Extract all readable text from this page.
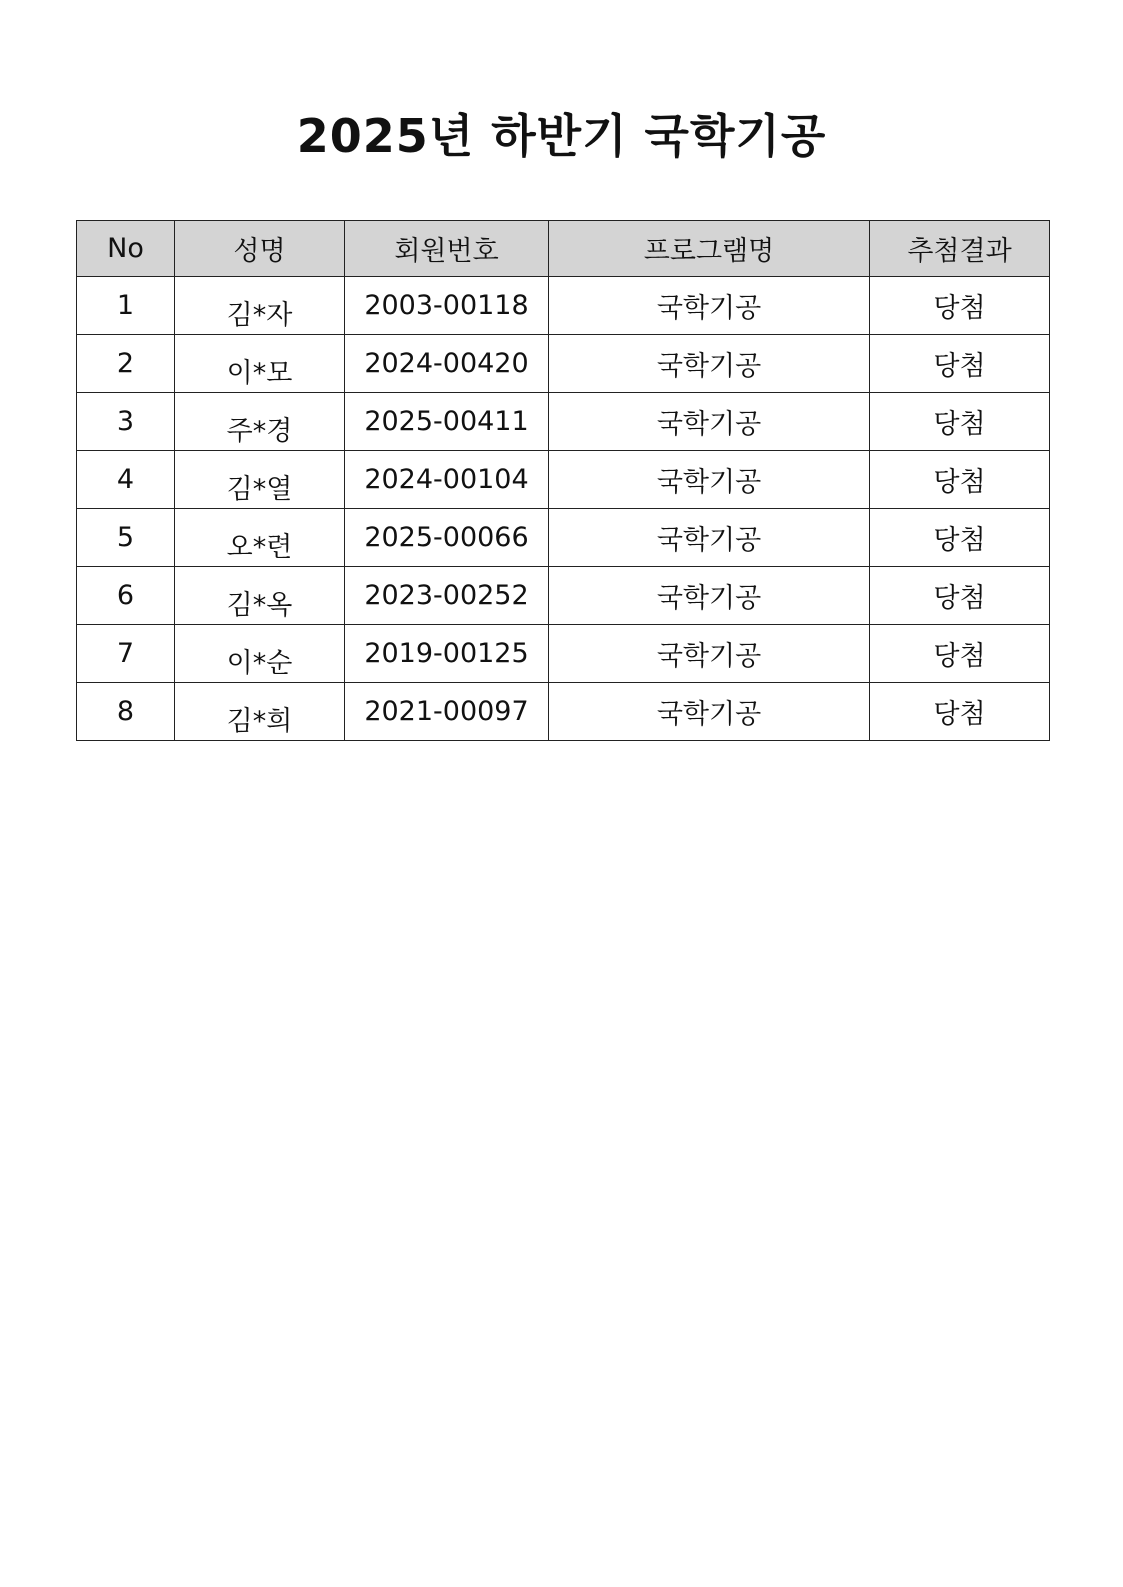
2025년 하반기 국학기공
No	성명	회원번호	프로그램명	추첨결과
1	김*자	2003-00118	국학기공	당첨
2	이*모	2024-00420	국학기공	당첨
3	주*경	2025-00411	국학기공	당첨
4	김*열	2024-00104	국학기공	당첨
5	오*련	2025-00066	국학기공	당첨
6	김*옥	2023-00252	국학기공	당첨
7	이*순	2019-00125	국학기공	당첨
8	김*희	2021-00097	국학기공	당첨
